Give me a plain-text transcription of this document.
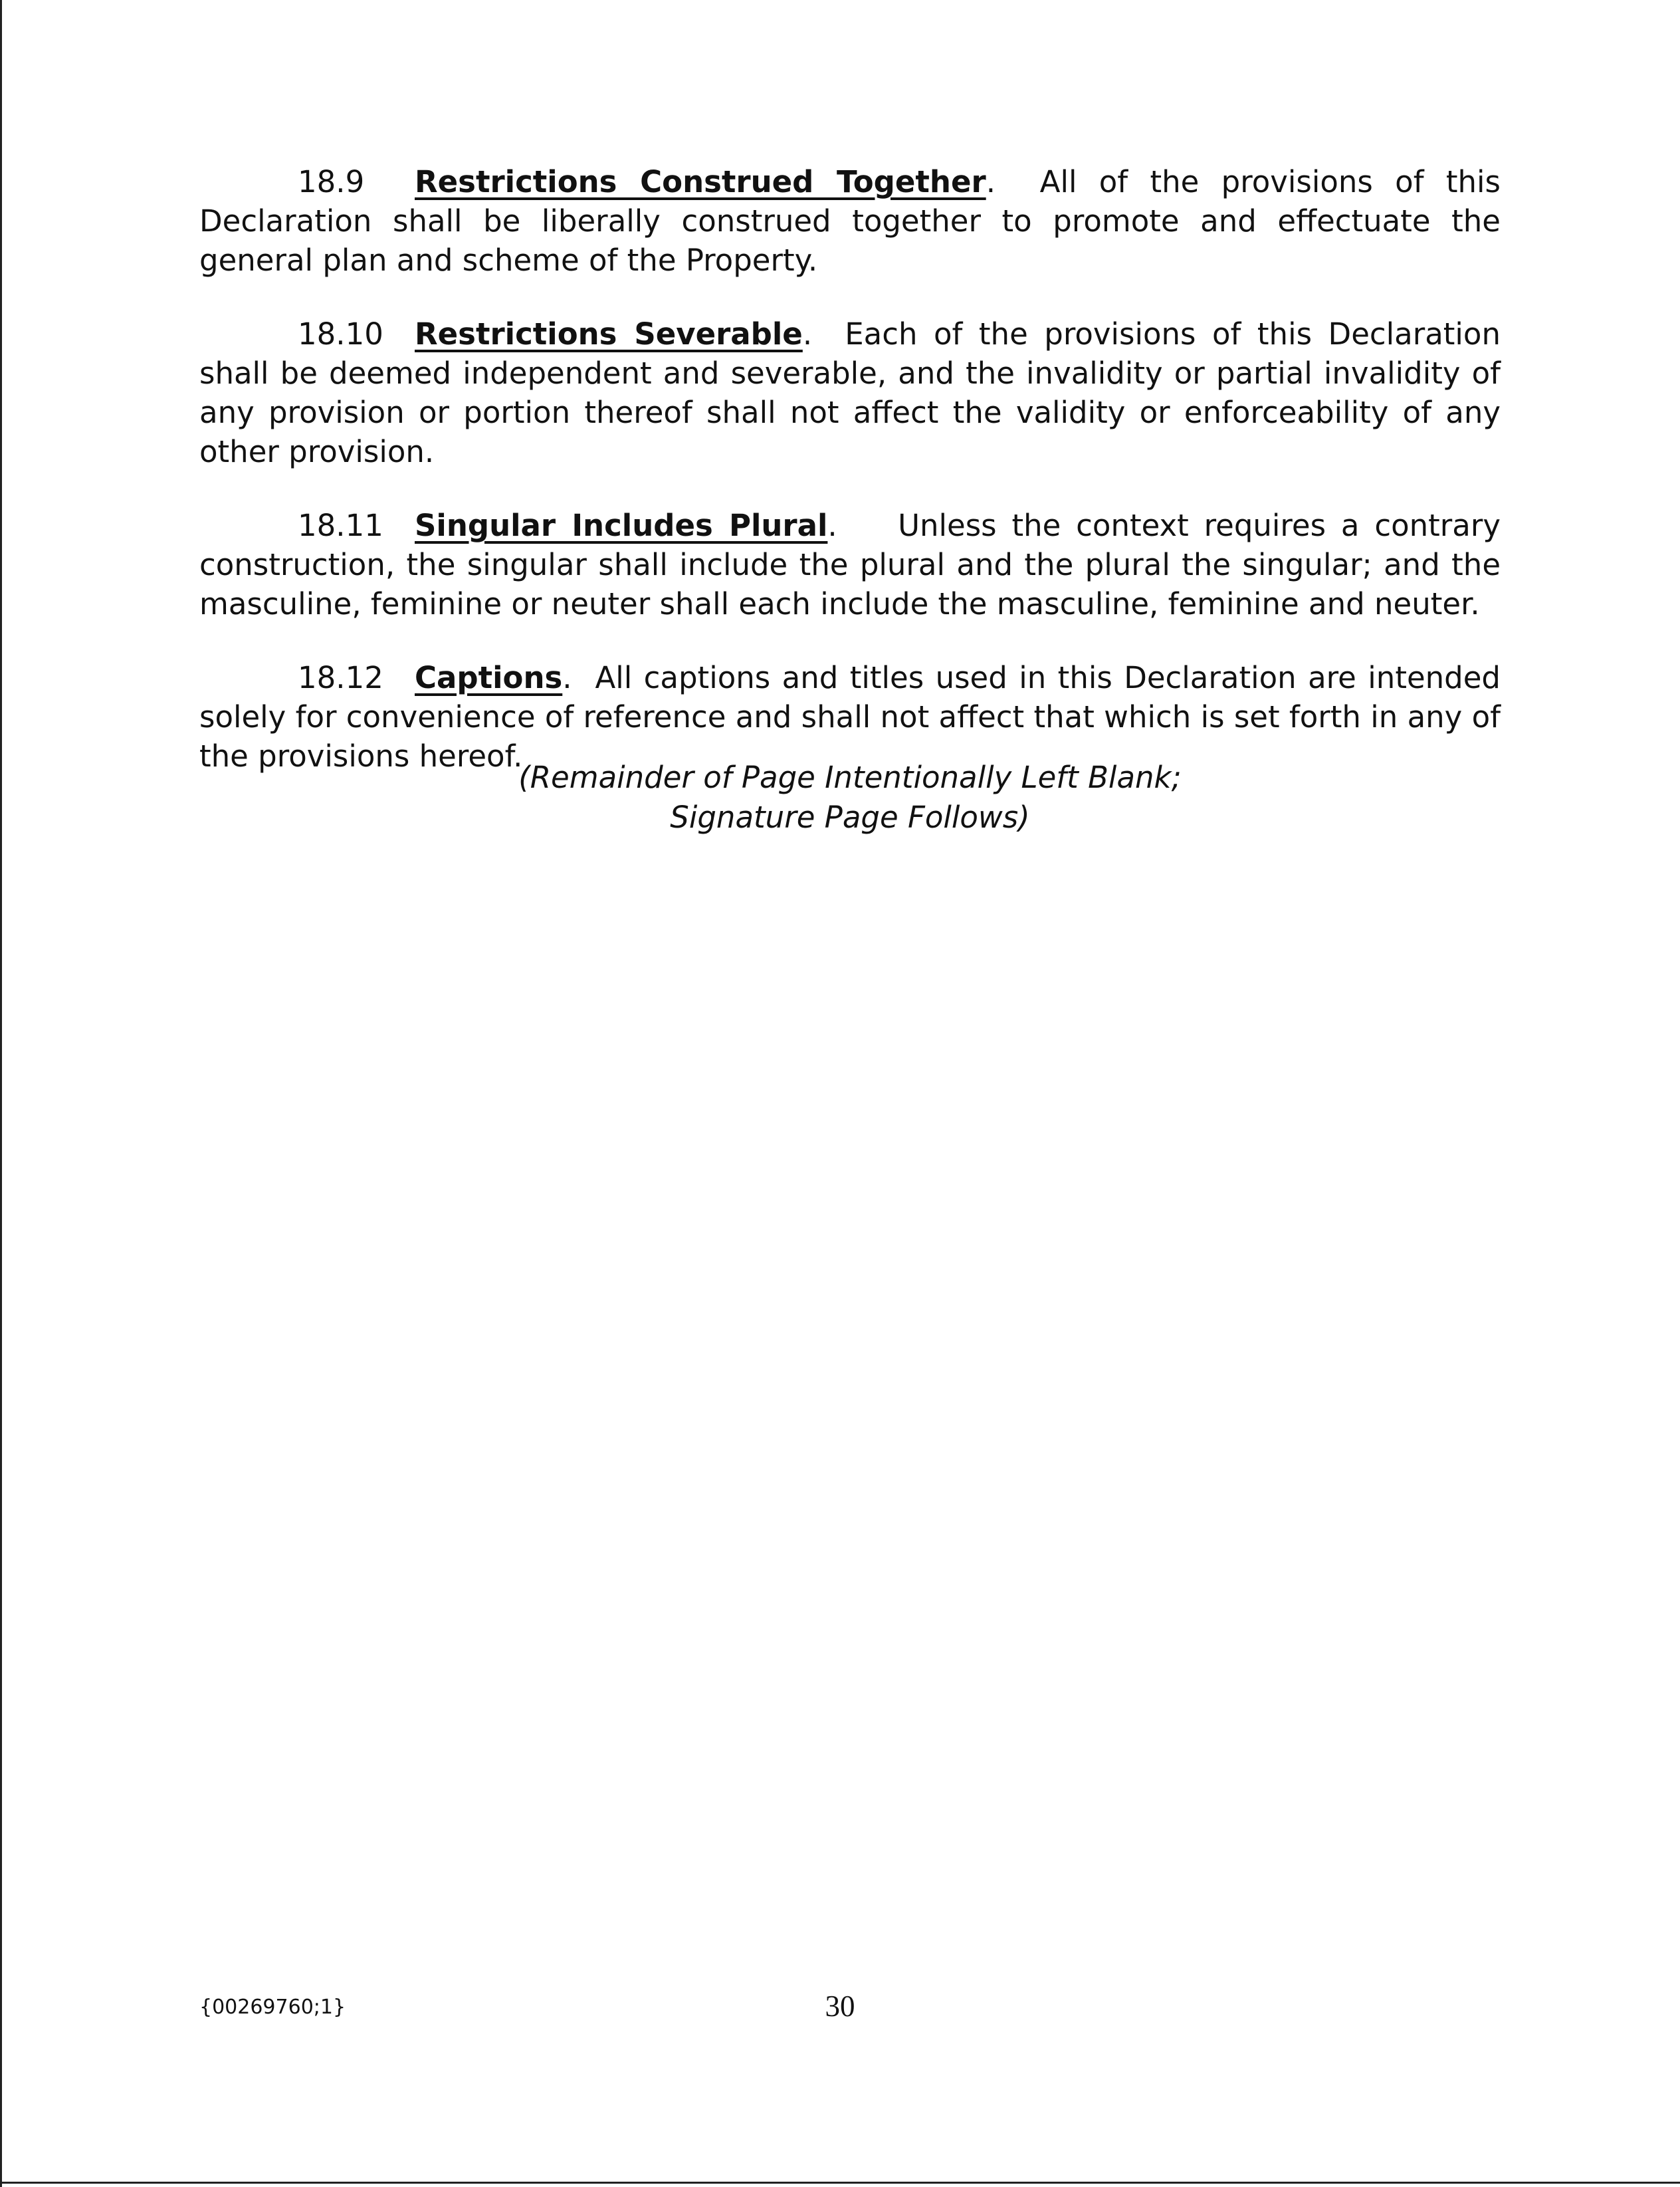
18.9 Restrictions Construed Together.  All of the provisions of this Declaration shall be liberally construed together to promote and effectuate the general plan and scheme of the Property.

18.10 Restrictions Severable.  Each of the provisions of this Declaration shall be deemed independent and severable, and the invalidity or partial invalidity of any provision or portion thereof shall not affect the validity or enforceability of any other provision.

18.11 Singular Includes Plural.    Unless the context requires a contrary construction, the singular shall include the plural and the plural the singular; and the masculine, feminine or neuter shall each include the masculine, feminine and neuter.

18.12 Captions.  All captions and titles used in this Declaration are intended solely for convenience of reference and shall not affect that which is set forth in any of the provisions hereof.

(Remainder of Page Intentionally Left Blank;
Signature Page Follows)
{00269760;1}	30
